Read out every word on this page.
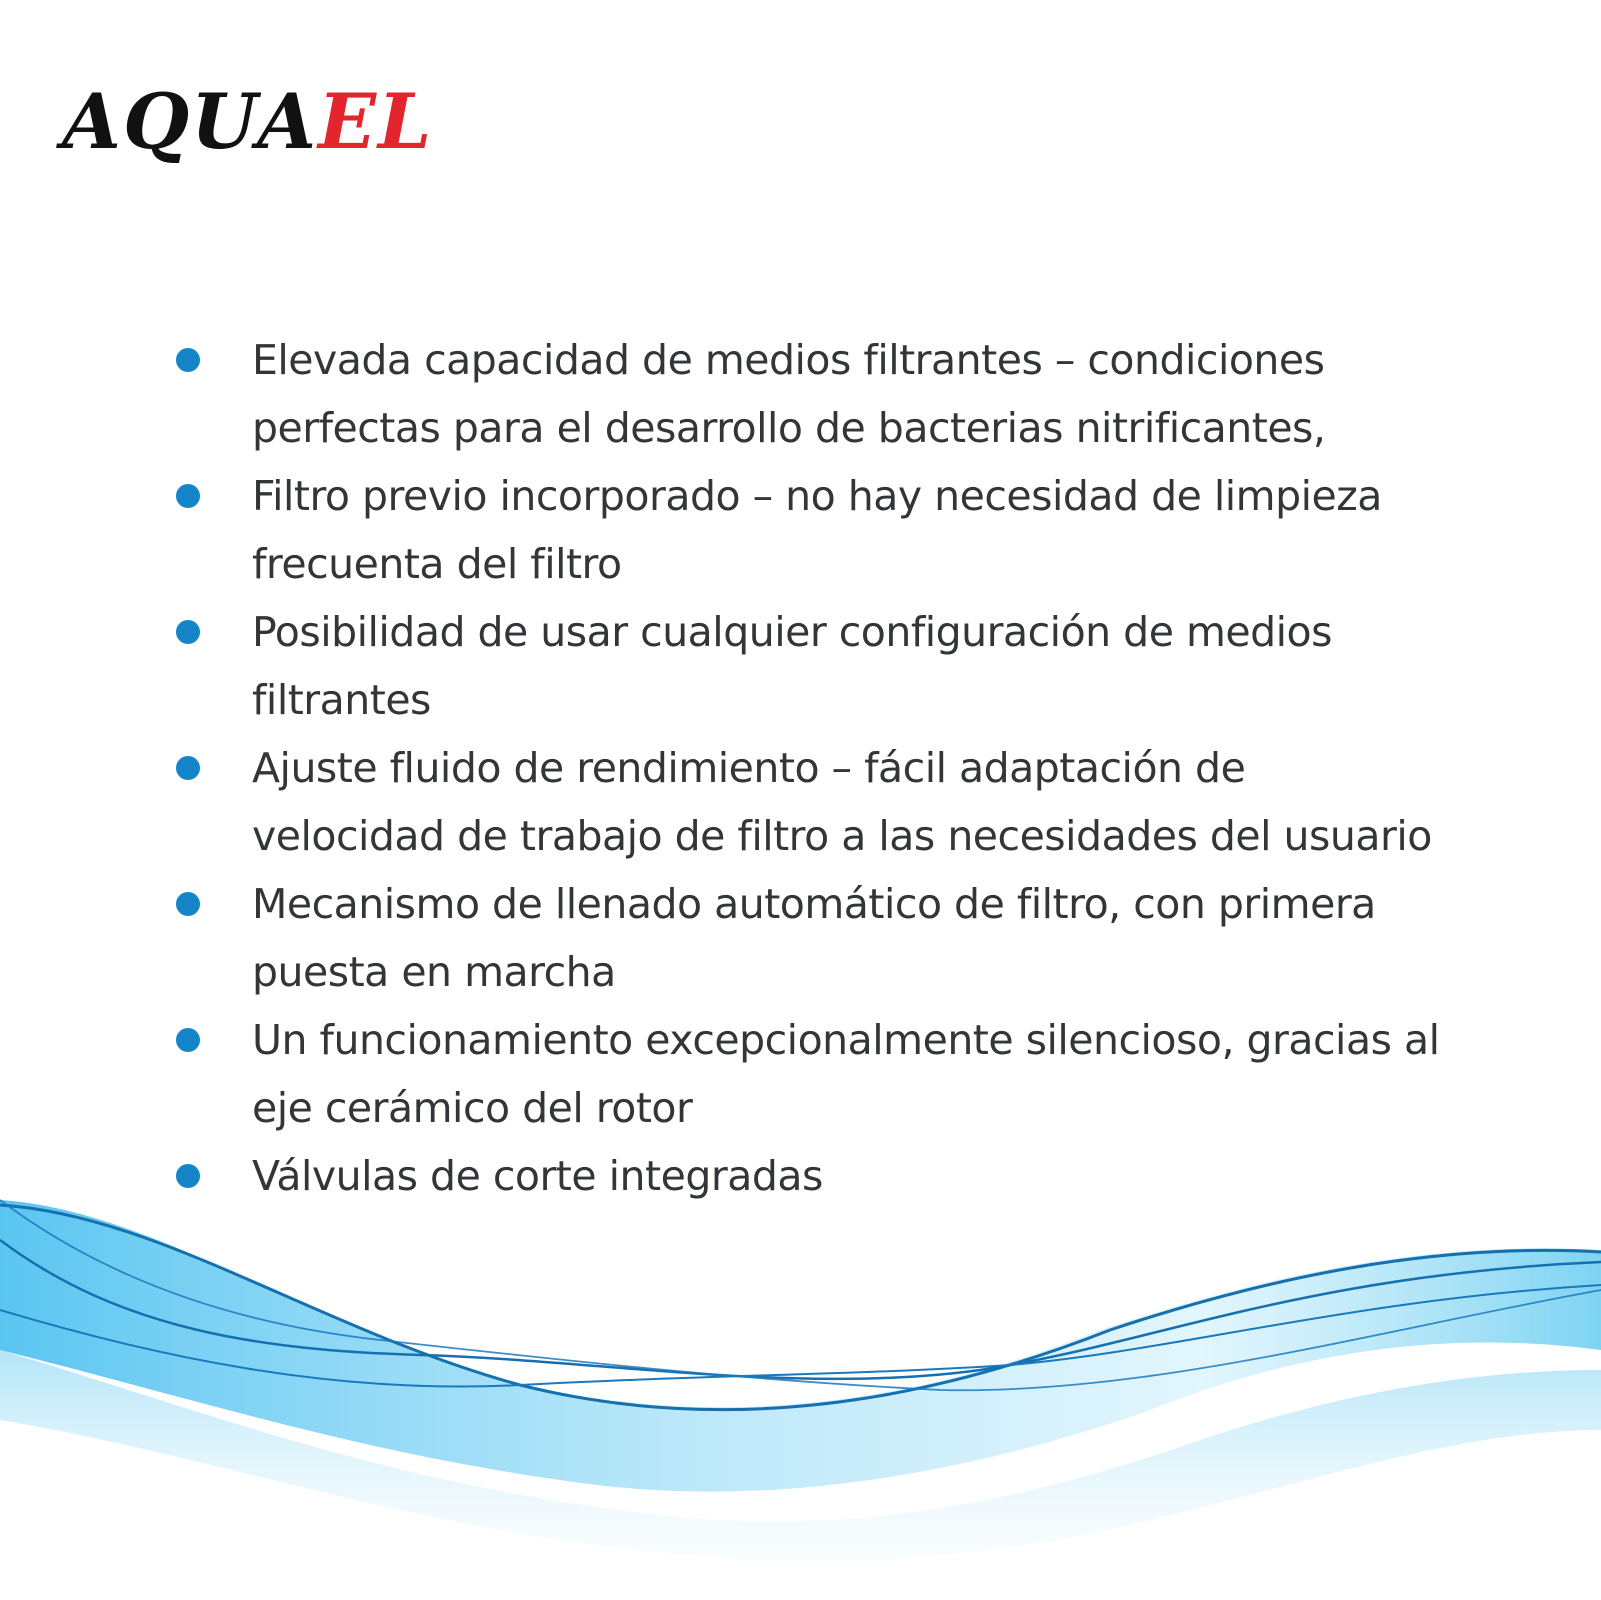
AQUAEL
Elevada capacidad de medios filtrantes – condiciones perfectas para el desarrollo de bacterias nitrificantes,
Filtro previo incorporado – no hay necesidad de limpieza frecuenta del filtro
Posibilidad de usar cualquier configuración de medios filtrantes
Ajuste fluido de rendimiento – fácil adaptación de velocidad de trabajo de filtro a las necesidades del usuario
Mecanismo de llenado automático de filtro, con primera puesta en marcha
Un funcionamiento excepcionalmente silencioso, gracias al eje cerámico del rotor
Válvulas de corte integradas
